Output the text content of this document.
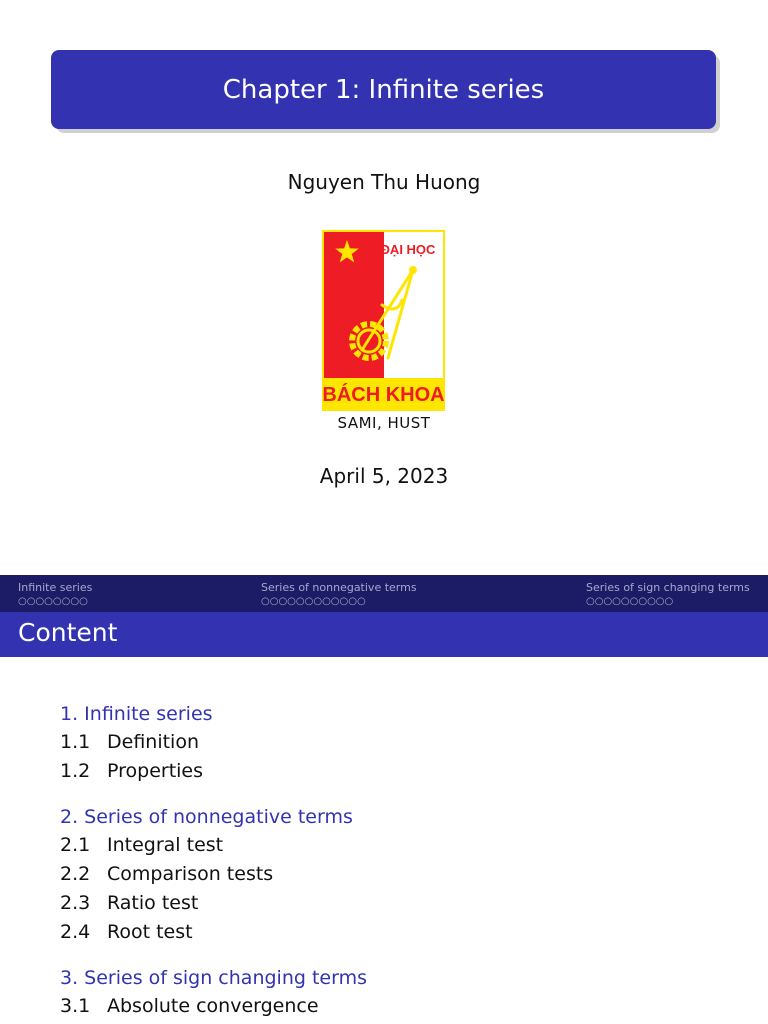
Chapter 1: Infinite series
Nguyen Thu Huong
ĐẠI HỌC
BÁCH KHOA
SAMI, HUST
April 5, 2023
Infinite series
○○○○○○○○
Series of nonnegative terms
○○○○○○○○○○○○
Series of sign changing terms
○○○○○○○○○○
Content
1. Infinite series
1.1 Definition
1.2 Properties
2. Series of nonnegative terms
2.1 Integral test
2.2 Comparison tests
2.3 Ratio test
2.4 Root test
3. Series of sign changing terms
3.1 Absolute convergence
